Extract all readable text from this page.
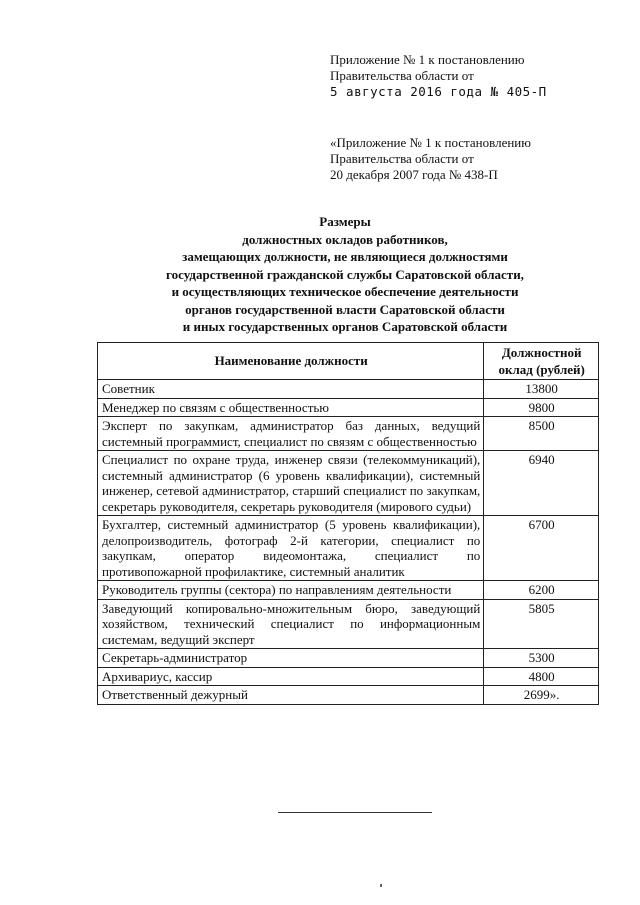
Приложение № 1 к постановлению
Правительства области от
5 августа 2016 года № 405-П
«Приложение № 1 к постановлению
Правительства области от
20 декабря 2007 года № 438-П
Размеры
должностных окладов работников,
замещающих должности, не являющиеся должностями
государственной гражданской службы Саратовской области,
и осуществляющих техническое обеспечение деятельности
органов государственной власти Саратовской области
и иных государственных органов Саратовской области
Наименование должности	Должностной оклад (рублей)
Советник	13800
Менеджер по связям с общественностью	9800
Эксперт по закупкам, администратор баз данных, ведущий системный программист, специалист по связям с общественностью	8500
Специалист по охране труда, инженер связи (телекоммуникаций), системный администратор (6 уровень квалификации), системный инженер, сетевой администратор, старший специалист по закупкам, секретарь руководителя, секретарь руководителя (мирового судьи)	6940
Бухгалтер, системный администратор (5 уровень квалификации), делопроизводитель, фотограф 2-й категории, специалист по закупкам, оператор видеомонтажа, специалист по противопожарной профилактике, системный аналитик	6700
Руководитель группы (сектора) по направлениям деятельности	6200
Заведующий копировально-множительным бюро, заведующий хозяйством, технический специалист по информационным системам, ведущий эксперт	5805
Секретарь-администратор	5300
Архивариус, кассир	4800
Ответственный дежурный	2699».
